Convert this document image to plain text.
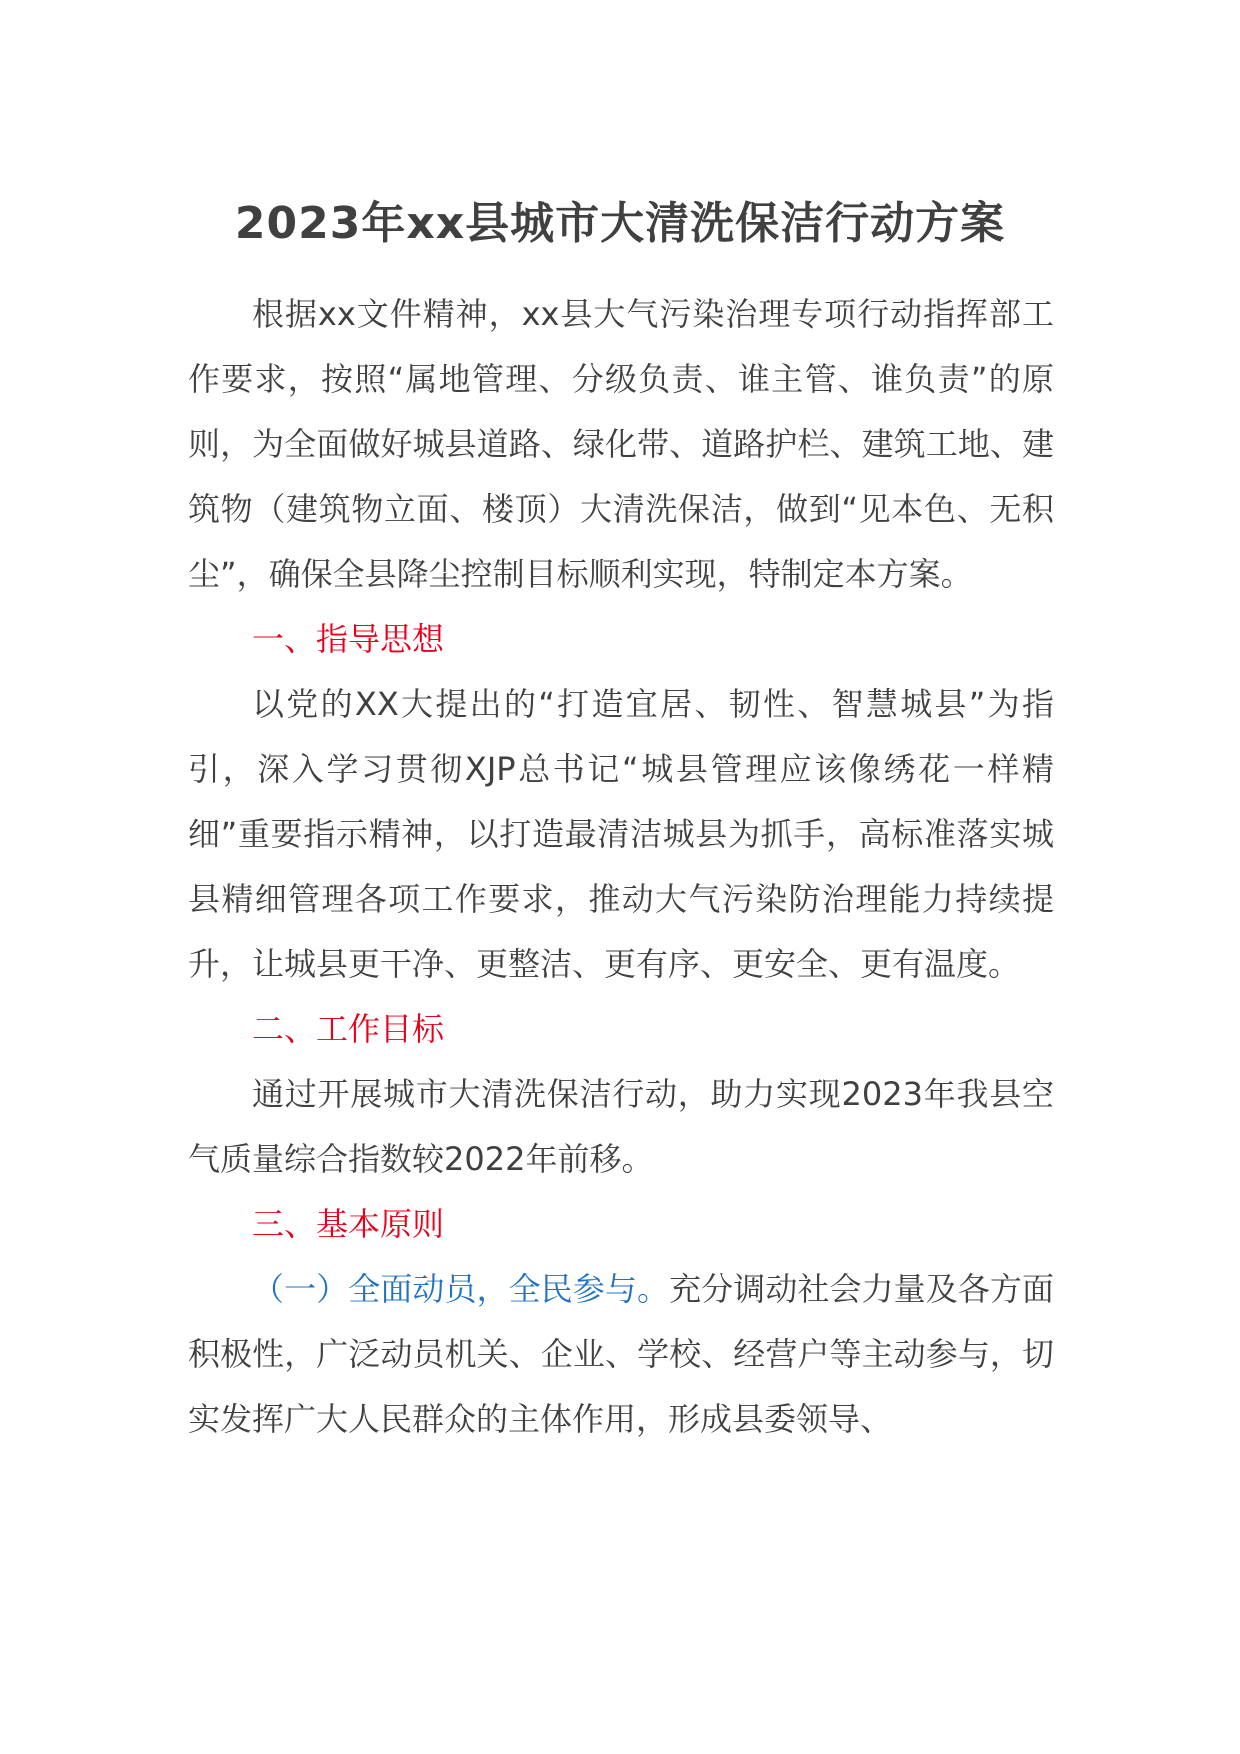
2023年xx县城市大清洗保洁行动方案

根据xx文件精神，xx县大气污染治理专项行动指挥部工作要求，按照“属地管理、分级负责、谁主管、谁负责”的原则，为全面做好城县道路、绿化带、道路护栏、建筑工地、建筑物（建筑物立面、楼顶）大清洗保洁，做到“见本色、无积尘”，确保全县降尘控制目标顺利实现，特制定本方案。

一、指导思想

以党的XX大提出的“打造宜居、韧性、智慧城县”为指引，深入学习贯彻XJP总书记“城县管理应该像绣花一样精细”重要指示精神，以打造最清洁城县为抓手，高标准落实城县精细管理各项工作要求，推动大气污染防治理能力持续提升，让城县更干净、更整洁、更有序、更安全、更有温度。

二、工作目标

通过开展城市大清洗保洁行动，助力实现2023年我县空气质量综合指数较2022年前移。

三、基本原则

（一）全面动员，全民参与。充分调动社会力量及各方面积极性，广泛动员机关、企业、学校、经营户等主动参与，切实发挥广大人民群众的主体作用，形成县委领导、
